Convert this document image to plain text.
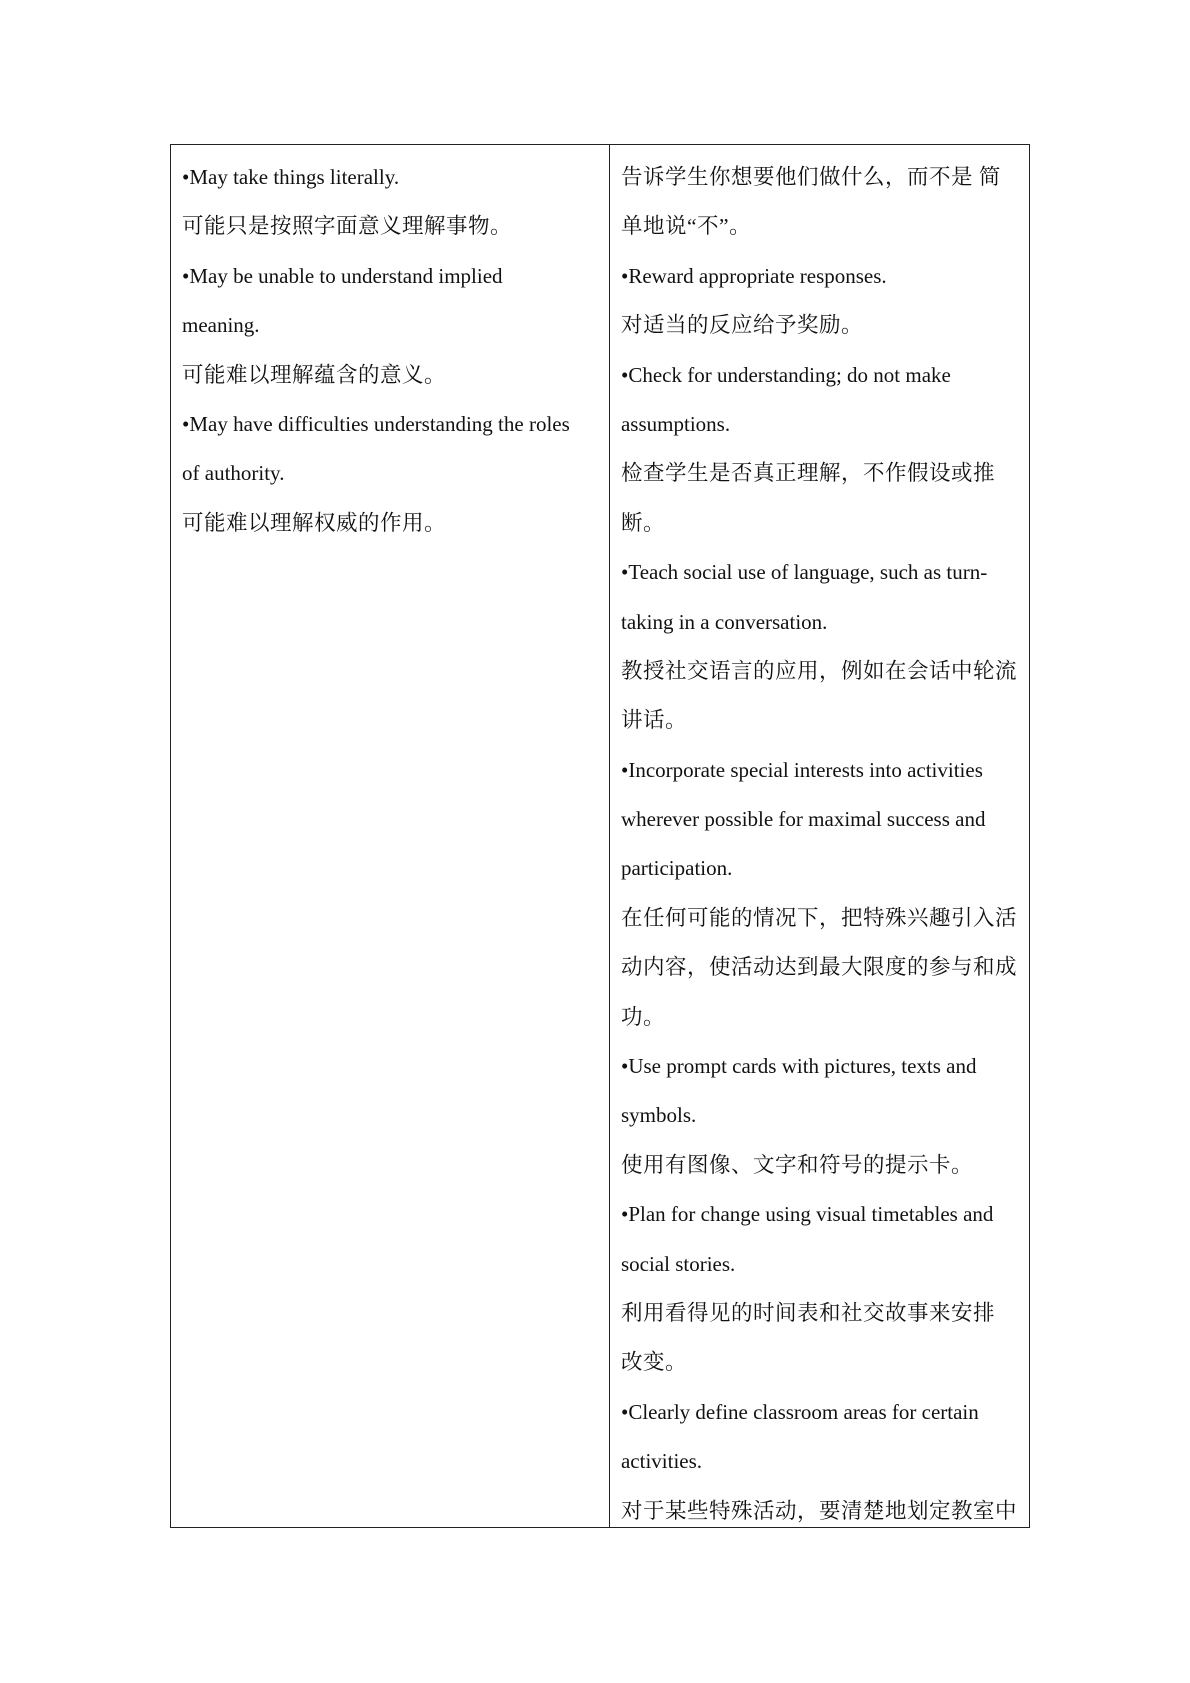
•May take things literally.
可能只是按照字面意义理解事物。
•May be unable to understand implied
meaning.
可能难以理解蕴含的意义。
•May have difficulties understanding the roles
of authority.
可能难以理解权威的作用。
告诉学生你想要他们做什么，而不是 简
单地说“不”。
•Reward appropriate responses.
对适当的反应给予奖励。
•Check for understanding; do not make
assumptions.
检查学生是否真正理解，不作假设或推
断。
•Teach social use of language, such as turn-
taking in a conversation.
教授社交语言的应用，例如在会话中轮流
讲话。
•Incorporate special interests into activities
wherever possible for maximal success and
participation.
在任何可能的情况下，把特殊兴趣引入活
动内容，使活动达到最大限度的参与和成
功。
•Use prompt cards with pictures, texts and
symbols.
使用有图像、文字和符号的提示卡。
•Plan for change using visual timetables and
social stories.
利用看得见的时间表和社交故事来安排
改变。
•Clearly define classroom areas for certain
activities.
对于某些特殊活动，要清楚地划定教室中
